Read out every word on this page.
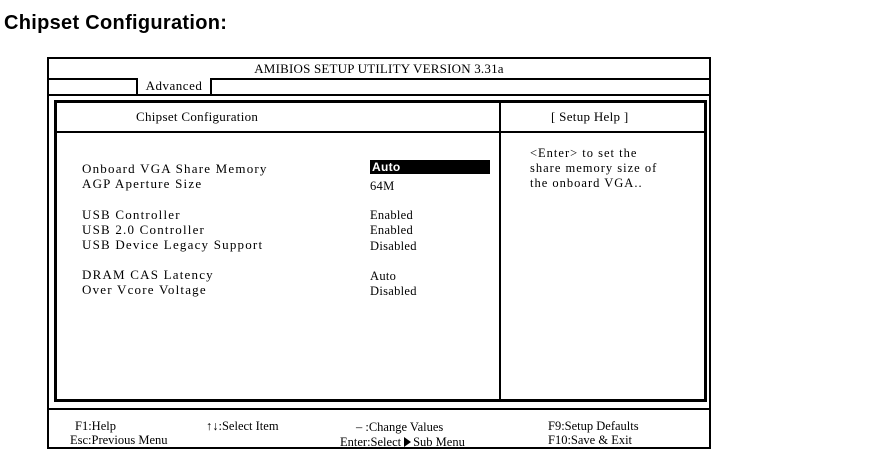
Chipset Configuration:
AMIBIOS SETUP UTILITY VERSION 3.31a
Advanced
Chipset Configuration
Onboard VGA Share Memory	Auto
AGP Aperture Size	64M
USB Controller	Enabled
USB 2.0 Controller	Enabled
USB Device Legacy Support	Disabled
DRAM CAS Latency	Auto
Over Vcore Voltage	Disabled
[ Setup Help ]
<Enter> to set the
share memory size of
the onboard VGA..
F1:Help
Esc:Previous Menu
↑↓:Select Item	– :Change Values
Enter:Select Sub Menu
F9:Setup Defaults
F10:Save & Exit
